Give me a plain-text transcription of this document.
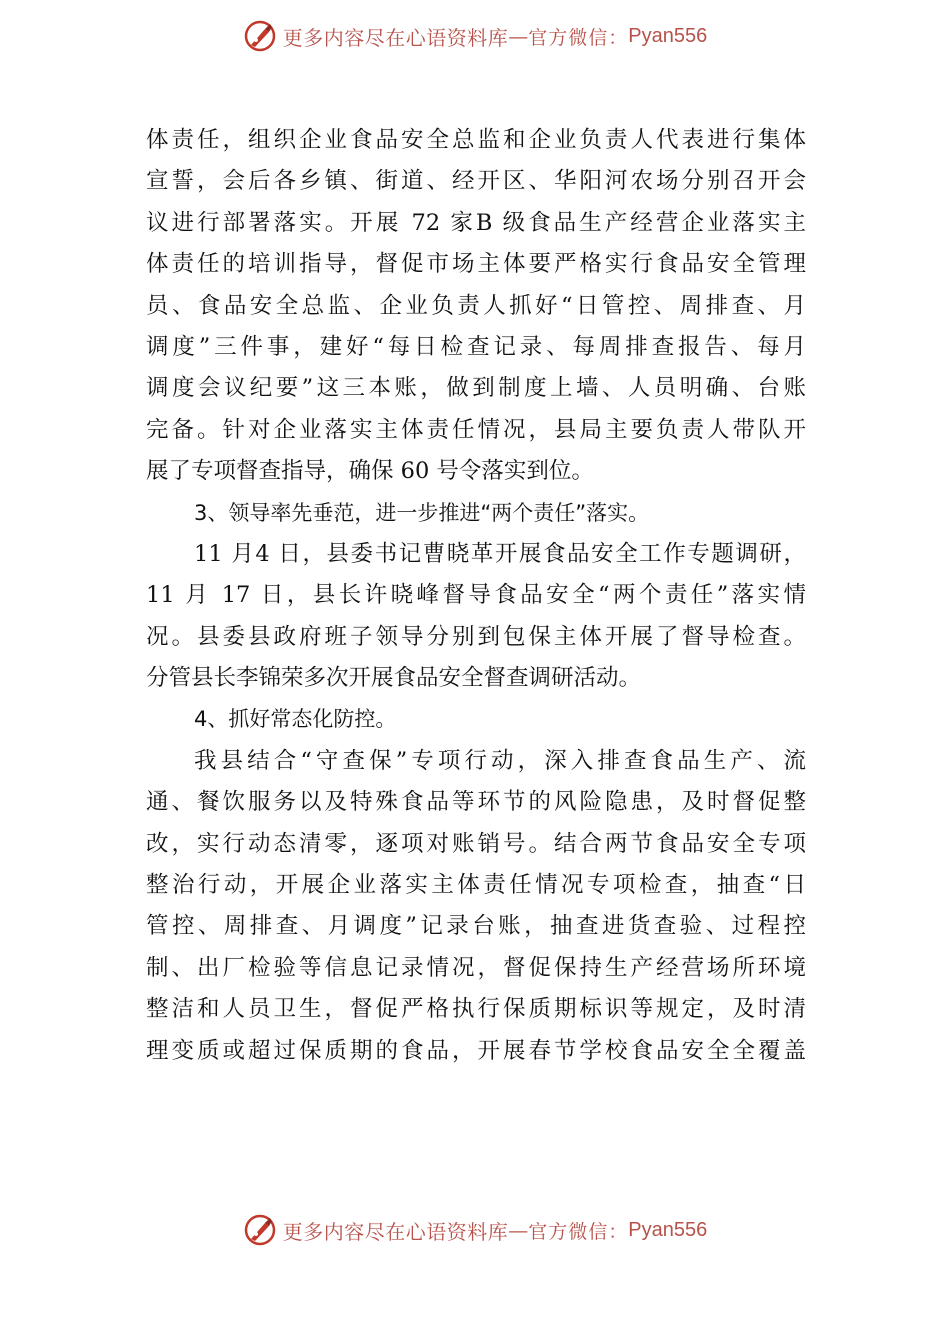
更多内容尽在心语资料库 — 官方微信： Pyan556
体责任，组织企业食品安全总监和企业负责人代表进行集体
宣誓，会后各乡镇、街道、经开区、华阳河农场分别召开会
议进行部署落实。开展 72 家B 级食品生产经营企业落实主
体责任的培训指导，督促市场主体要严格实行食品安全管理
员、食品安全总监、企业负责人抓好“日管控、周排查、月
调度”三件事，建好“每日检查记录、每周排查报告、每月
调度会议纪要”这三本账，做到制度上墙、人员明确、台账
完备。针对企业落实主体责任情况，县局主要负责人带队开
展了专项督查指导，确保 60 号令落实到位。
3、领导率先垂范，进一步推进“两个责任”落实。
11 月4 日，县委书记曹晓革开展食品安全工作专题调研，
11 月 17 日，县长许晓峰督导食品安全“两个责任”落实情
况。县委县政府班子领导分别到包保主体开展了督导检查。
分管县长李锦荣多次开展食品安全督查调研活动。
4、抓好常态化防控。
我县结合“守查保”专项行动，深入排查食品生产、流
通、餐饮服务以及特殊食品等环节的风险隐患，及时督促整
改，实行动态清零，逐项对账销号。结合两节食品安全专项
整治行动，开展企业落实主体责任情况专项检查，抽查“日
管控、周排查、月调度”记录台账，抽查进货查验、过程控
制、出厂检验等信息记录情况，督促保持生产经营场所环境
整洁和人员卫生，督促严格执行保质期标识等规定，及时清
理变质或超过保质期的食品，开展春节学校食品安全全覆盖
更多内容尽在心语资料库 — 官方微信： Pyan556
